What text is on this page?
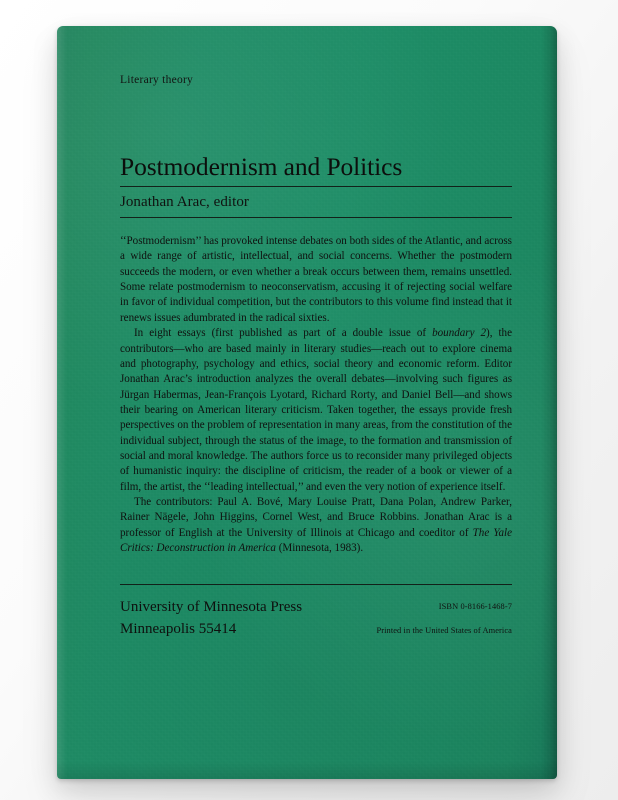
Literary theory
Postmodernism and Politics
Jonathan Arac, editor

‘‘Postmodernism’’ has provoked intense debates on both sides of the Atlantic, and across a wide range of artistic, intellectual, and social concerns. Whether the postmodern succeeds the modern, or even whether a break occurs between them, remains unsettled. Some relate postmodernism to neoconservatism, accusing it of rejecting social welfare in favor of individual competition, but the contributors to this volume find instead that it renews issues adumbrated in the radical sixties.

In eight essays (first published as part of a double issue of boundary 2), the contributors—who are based mainly in literary studies—reach out to explore cinema and photography, psychology and ethics, social theory and economic reform. Editor Jonathan Arac’s introduction analyzes the overall debates—involving such figures as Jürgan Habermas, Jean-François Lyotard, Richard Rorty, and Daniel Bell—and shows their bearing on American literary criticism. Taken together, the essays provide fresh perspectives on the problem of representation in many areas, from the constitution of the individual subject, through the status of the image, to the formation and transmission of social and moral knowledge. The authors force us to reconsider many privileged objects of humanistic inquiry: the discipline of criticism, the reader of a book or viewer of a film, the artist, the ‘‘leading intellectual,’’ and even the very notion of experience itself.

The contributors: Paul A. Bové, Mary Louise Pratt, Dana Polan, Andrew Parker, Rainer Nägele, John Higgins, Cornel West, and Bruce Robbins. Jonathan Arac is a professor of English at the University of Illinois at Chicago and coeditor of The Yale Critics: Deconstruction in America (Minnesota, 1983).

University of Minnesota Press
Minneapolis 55414
ISBN 0-8166-1468-7
Printed in the United States of America
